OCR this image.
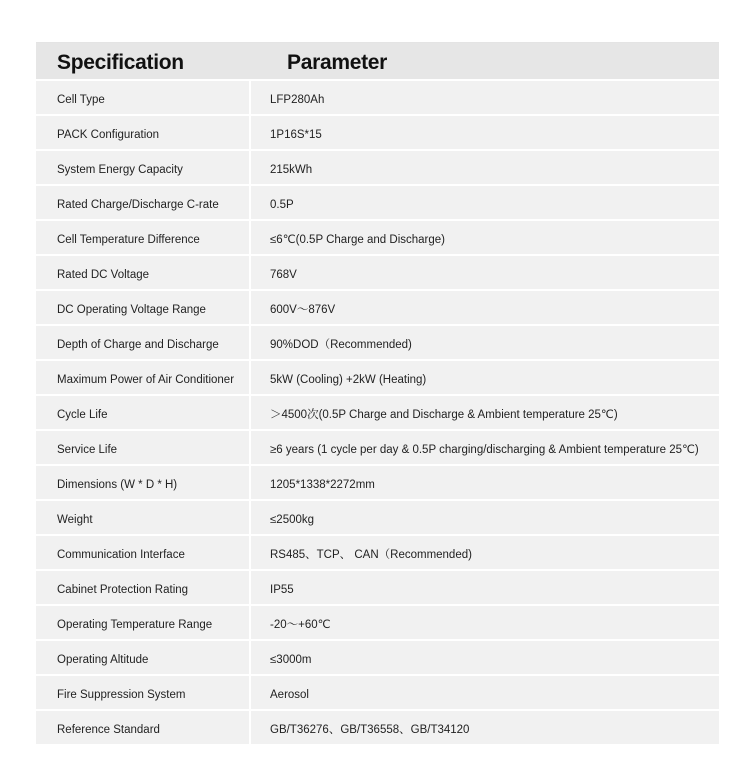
Specification	Parameter
Cell Type	LFP280Ah
PACK Configuration	1P16S*15
System Energy Capacity	215kWh
Rated Charge/Discharge C-rate	0.5P
Cell Temperature Difference	≤6℃(0.5P Charge and Discharge)
Rated DC Voltage	768V
DC Operating Voltage Range	600V～876V
Depth of Charge and Discharge	90%DOD（Recommended)
Maximum Power of Air Conditioner	5kW (Cooling) +2kW (Heating)
Cycle Life	＞4500次(0.5P Charge and Discharge & Ambient temperature 25℃)
Service Life	≥6 years (1 cycle per day & 0.5P charging/discharging & Ambient temperature 25℃)
Dimensions (W * D * H)	1205*1338*2272mm
Weight	≤2500kg
Communication Interface	RS485、TCP、 CAN（Recommended)
Cabinet Protection Rating	IP55
Operating Temperature Range	-20～+60℃
Operating Altitude	≤3000m
Fire Suppression System	Aerosol
Reference Standard	GB/T36276、GB/T36558、GB/T34120
